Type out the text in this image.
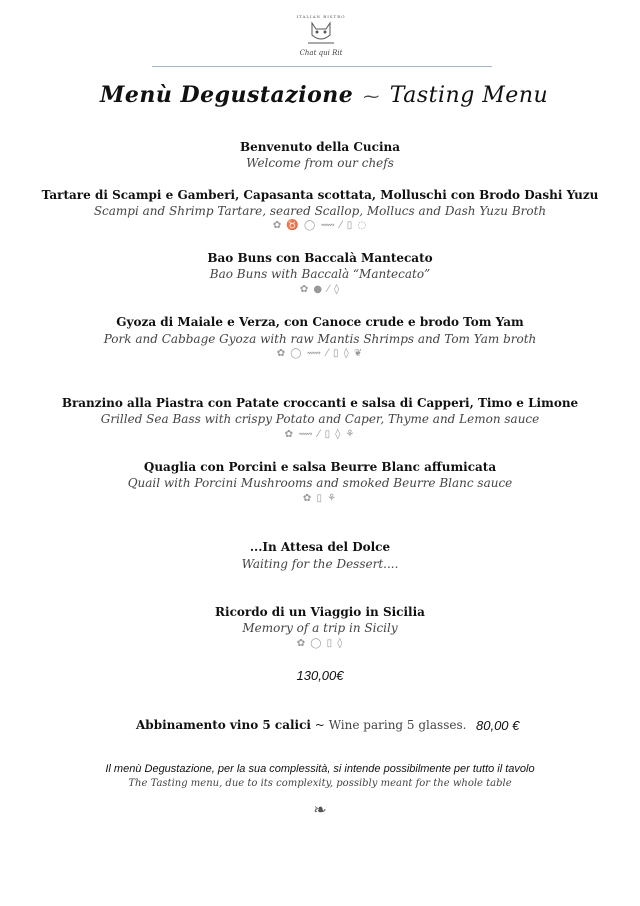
ITALIAN BISTRO
Chat qui Rit
Menù Degustazione ⁓ Tasting Menu
Benvenuto della Cucina
Welcome from our chefs
Tartare di Scampi e Gamberi, Capasanta scottata, Molluschi con Brodo Dashi Yuzu
Scampi and Shrimp Tartare, seared Scallop, Mollucs and Dash Yuzu Broth
✿ ♉ ◯ ⟿ ⁄ ▯ ◌
Bao Buns con Baccalà Mantecato
Bao Buns with Baccalà “Mantecato”
✿ ● ⁄ ◊
Gyoza di Maiale e Verza, con Canoce crude e brodo Tom Yam
Pork and Cabbage Gyoza with raw Mantis Shrimps and Tom Yam broth
✿ ◯ ⟿ ⁄ ▯ ◊ ❦
Branzino alla Piastra con Patate croccanti e salsa di Capperi, Timo e Limone
Grilled Sea Bass with crispy Potato and Caper, Thyme and Lemon sauce
✿ ⟿ ⁄ ▯ ◊ ⚘
Quaglia con Porcini e salsa Beurre Blanc affumicata
Quail with Porcini Mushrooms and smoked Beurre Blanc sauce
✿ ▯ ⚘
...In Attesa del Dolce
Waiting for the Dessert....
Ricordo di un Viaggio in Sicilia
Memory of a trip in Sicily
✿ ◯ ▯ ◊
130,00€
Abbinamento vino 5 calici ~ Wine paring 5 glasses. 80,00 €
Il menù Degustazione, per la sua complessità, si intende possibilmente per tutto il tavolo
The Tasting menu, due to its complexity, possibly meant for the whole table
❧
